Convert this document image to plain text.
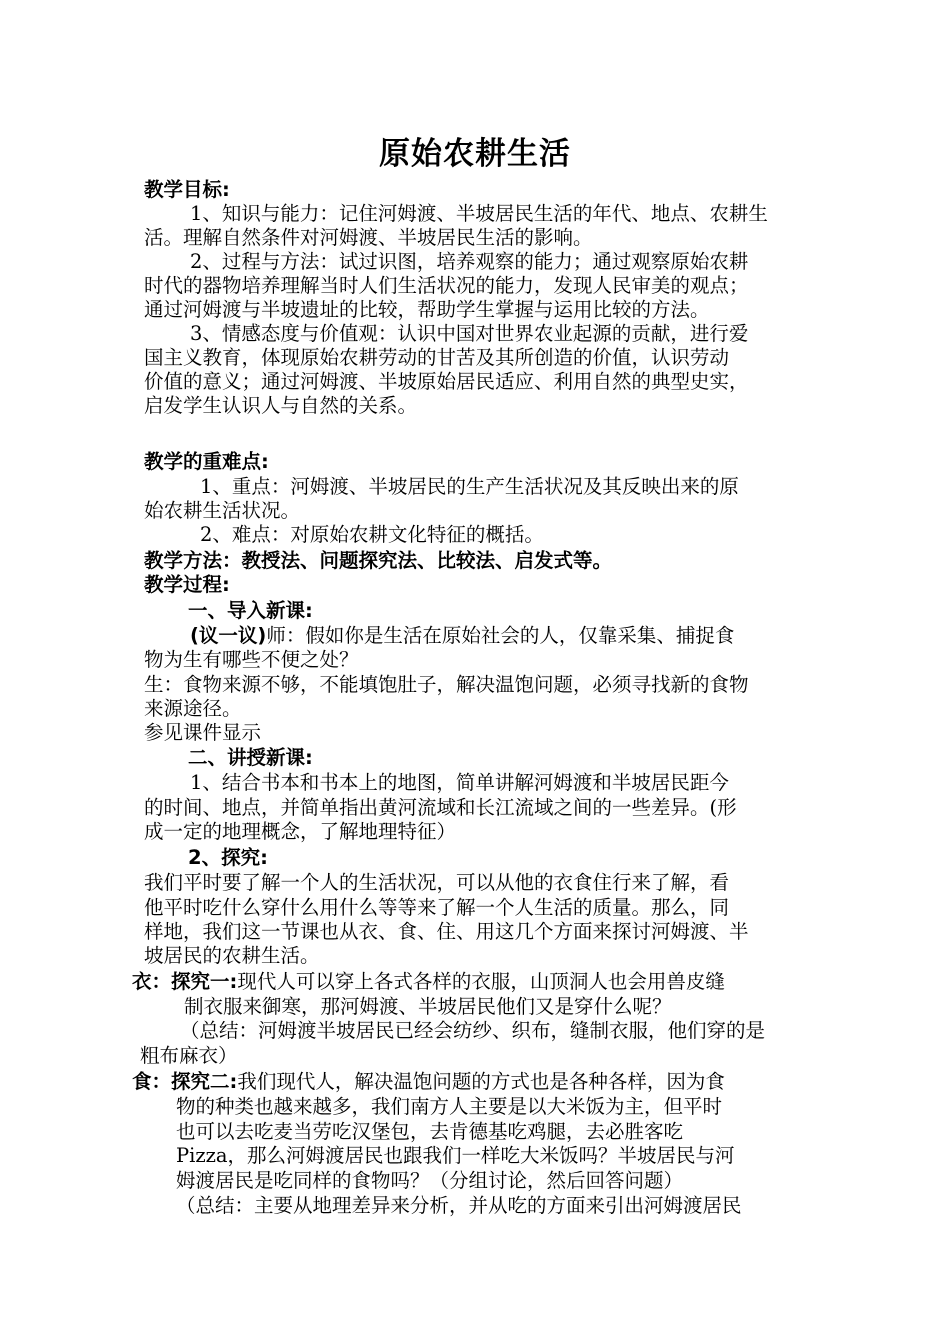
原始农耕生活
教学目标:
1、知识与能力：记住河姆渡、半坡居民生活的年代、地点、农耕生
活。理解自然条件对河姆渡、半坡居民生活的影响。
2、过程与方法：试过识图，培养观察的能力；通过观察原始农耕
时代的器物培养理解当时人们生活状况的能力，发现人民审美的观点；
通过河姆渡与半坡遗址的比较，帮助学生掌握与运用比较的方法。
3、情感态度与价值观：认识中国对世界农业起源的贡献，进行爱
国主义教育，体现原始农耕劳动的甘苦及其所创造的价值，认识劳动
价值的意义；通过河姆渡、半坡原始居民适应、利用自然的典型史实，
启发学生认识人与自然的关系。
教学的重难点:
1、重点：河姆渡、半坡居民的生产生活状况及其反映出来的原
始农耕生活状况。
2、难点：对原始农耕文化特征的概括。
教学方法：教授法、问题探究法、比较法、启发式等。
教学过程:
一、导入新课:
(议一议)师：假如你是生活在原始社会的人，仅靠采集、捕捉食
物为生有哪些不便之处？
生：食物来源不够，不能填饱肚子，解决温饱问题，必须寻找新的食物
来源途径。
参见课件显示
二、讲授新课:
1、结合书本和书本上的地图，简单讲解河姆渡和半坡居民距今
的时间、地点，并简单指出黄河流域和长江流域之间的一些差异。(形
成一定的地理概念，了解地理特征）
2、探究:
我们平时要了解一个人的生活状况，可以从他的衣食住行来了解，看
他平时吃什么穿什么用什么等等来了解一个人生活的质量。那么，同
样地，我们这一节课也从衣、食、住、用这几个方面来探讨河姆渡、半
坡居民的农耕生活。
衣：探究一:现代人可以穿上各式各样的衣服，山顶洞人也会用兽皮缝
制衣服来御寒，那河姆渡、半坡居民他们又是穿什么呢？
（总结：河姆渡半坡居民已经会纺纱、织布，缝制衣服，他们穿的是
粗布麻衣）
食：探究二:我们现代人，解决温饱问题的方式也是各种各样，因为食
物的种类也越来越多，我们南方人主要是以大米饭为主，但平时
也可以去吃麦当劳吃汉堡包，去肯德基吃鸡腿，去必胜客吃
Pizza，那么河姆渡居民也跟我们一样吃大米饭吗？半坡居民与河
姆渡居民是吃同样的食物吗？（分组讨论，然后回答问题）
（总结：主要从地理差异来分析，并从吃的方面来引出河姆渡居民
